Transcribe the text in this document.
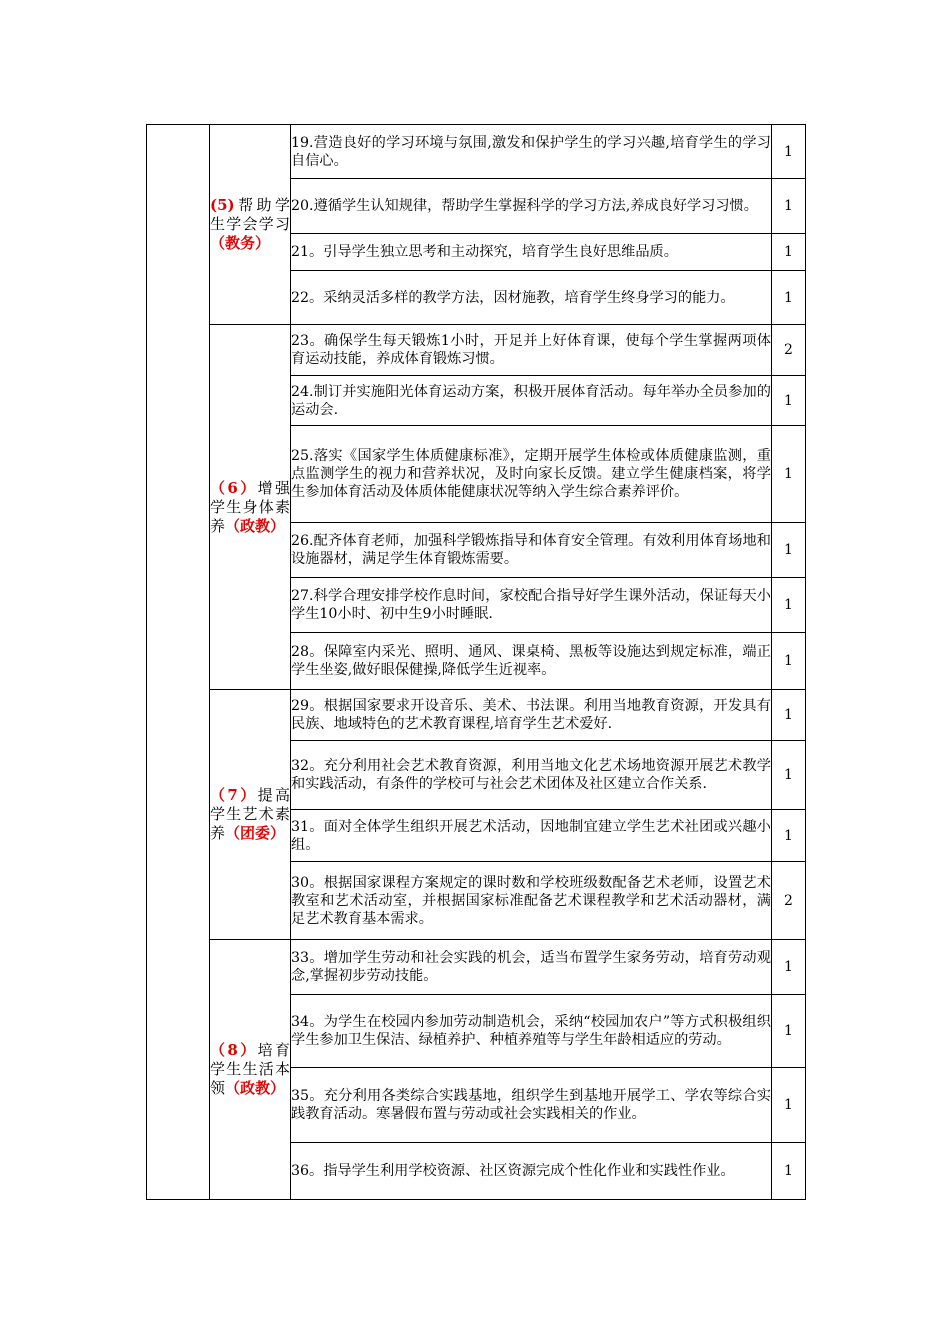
	(5)帮助学生学会学习（教务）	19.营造良好的学习环境与氛围,激发和保护学生的学习兴趣,培育学生的学习自信心。	1
		20.遵循学生认知规律，帮助学生掌握科学的学习方法,养成良好学习习惯。	1
		21。引导学生独立思考和主动探究，培育学生良好思维品质。	1
		22。采纳灵活多样的教学方法，因材施教，培育学生终身学习的能力。	1
	（6）增强学生身体素养（政教）	23。确保学生每天锻炼1小时，开足并上好体育课，使每个学生掌握两项体育运动技能，养成体育锻炼习惯。	2
		24.制订并实施阳光体育运动方案，积极开展体育活动。每年举办全员参加的运动会.	1
		25.落实《国家学生体质健康标准》，定期开展学生体检或体质健康监测，重点监测学生的视力和营养状况，及时向家长反馈。建立学生健康档案，将学生参加体育活动及体质体能健康状况等纳入学生综合素养评价。	1
		26.配齐体育老师，加强科学锻炼指导和体育安全管理。有效利用体育场地和设施器材，满足学生体育锻炼需要。	1
		27.科学合理安排学校作息时间，家校配合指导好学生课外活动，保证每天小学生10小时、初中生9小时睡眠.	1
		28。保障室内采光、照明、通风、课桌椅、黑板等设施达到规定标准，端正学生坐姿,做好眼保健操,降低学生近视率。	1
	（7）提高学生艺术素养（团委）	29。根据国家要求开设音乐、美术、书法课。利用当地教育资源，开发具有民族、地域特色的艺术教育课程,培育学生艺术爱好.	1
		32。充分利用社会艺术教育资源，利用当地文化艺术场地资源开展艺术教学和实践活动，有条件的学校可与社会艺术团体及社区建立合作关系.	1
		31。面对全体学生组织开展艺术活动，因地制宜建立学生艺术社团或兴趣小组。	1
		30。根据国家课程方案规定的课时数和学校班级数配备艺术老师，设置艺术教室和艺术活动室，并根据国家标准配备艺术课程教学和艺术活动器材，满足艺术教育基本需求。	2
	（8）培育学生生活本领（政教）	33。增加学生劳动和社会实践的机会，适当布置学生家务劳动，培育劳动观念,掌握初步劳动技能。	1
		34。为学生在校园内参加劳动制造机会，采纳“校园加农户”等方式积极组织学生参加卫生保洁、绿植养护、种植养殖等与学生年龄相适应的劳动。	1
		35。充分利用各类综合实践基地，组织学生到基地开展学工、学农等综合实践教育活动。寒暑假布置与劳动或社会实践相关的作业。	1
		36。指导学生利用学校资源、社区资源完成个性化作业和实践性作业。	1
